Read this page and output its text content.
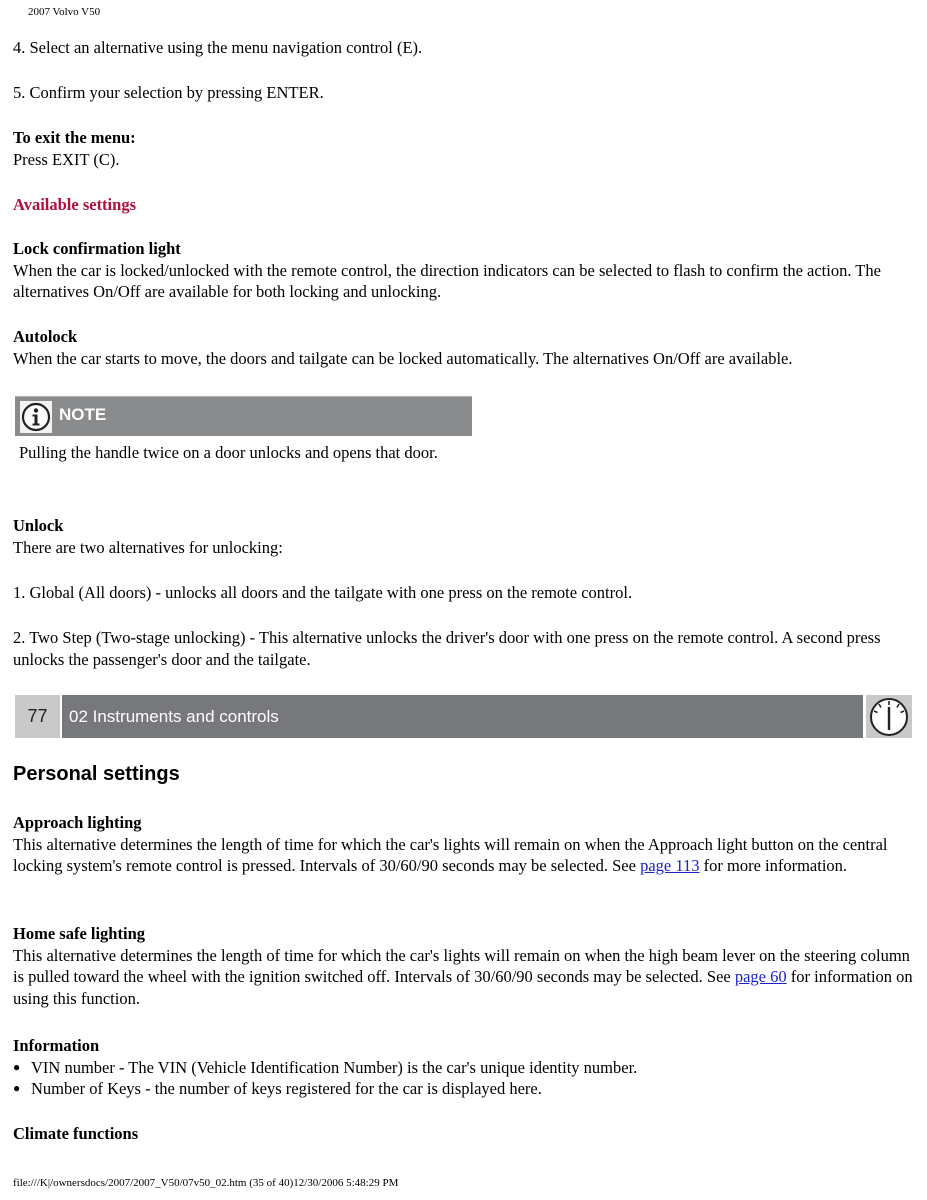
2007 Volvo V50

4. Select an alternative using the menu navigation control (E).

5. Confirm your selection by pressing ENTER.

To exit the menu:
Press EXIT (C).
Available settings
Lock confirmation light
When the car is locked/unlocked with the remote control, the direction indicators can be selected to flash to confirm the action. The alternatives On/Off are available for both locking and unlocking.
Autolock
When the car starts to move, the doors and tailgate can be locked automatically. The alternatives On/Off are available.
NOTE

Pulling the handle twice on a door unlocks and opens that door.

Unlock
There are two alternatives for unlocking:

1. Global (All doors) - unlocks all doors and the tailgate with one press on the remote control.

2. Two Step (Two-stage unlocking) - This alternative unlocks the driver's door with one press on the remote control. A second press unlocks the passenger's door and the tailgate.

77	02 Instruments and controls
Personal settings
Approach lighting
This alternative determines the length of time for which the car's lights will remain on when the Approach light button on the central locking system's remote control is pressed. Intervals of 30/60/90 seconds may be selected. See page 113 for more information.
Home safe lighting
This alternative determines the length of time for which the car's lights will remain on when the high beam lever on the steering column is pulled toward the wheel with the ignition switched off. Intervals of 30/60/90 seconds may be selected. See page 60 for information on using this function.
Information
● VIN number - The VIN (Vehicle Identification Number) is the car's unique identity number.
● Number of Keys - the number of keys registered for the car is displayed here.
Climate functions
file:///K|/ownersdocs/2007/2007_V50/07v50_02.htm (35 of 40)12/30/2006 5:48:29 PM
